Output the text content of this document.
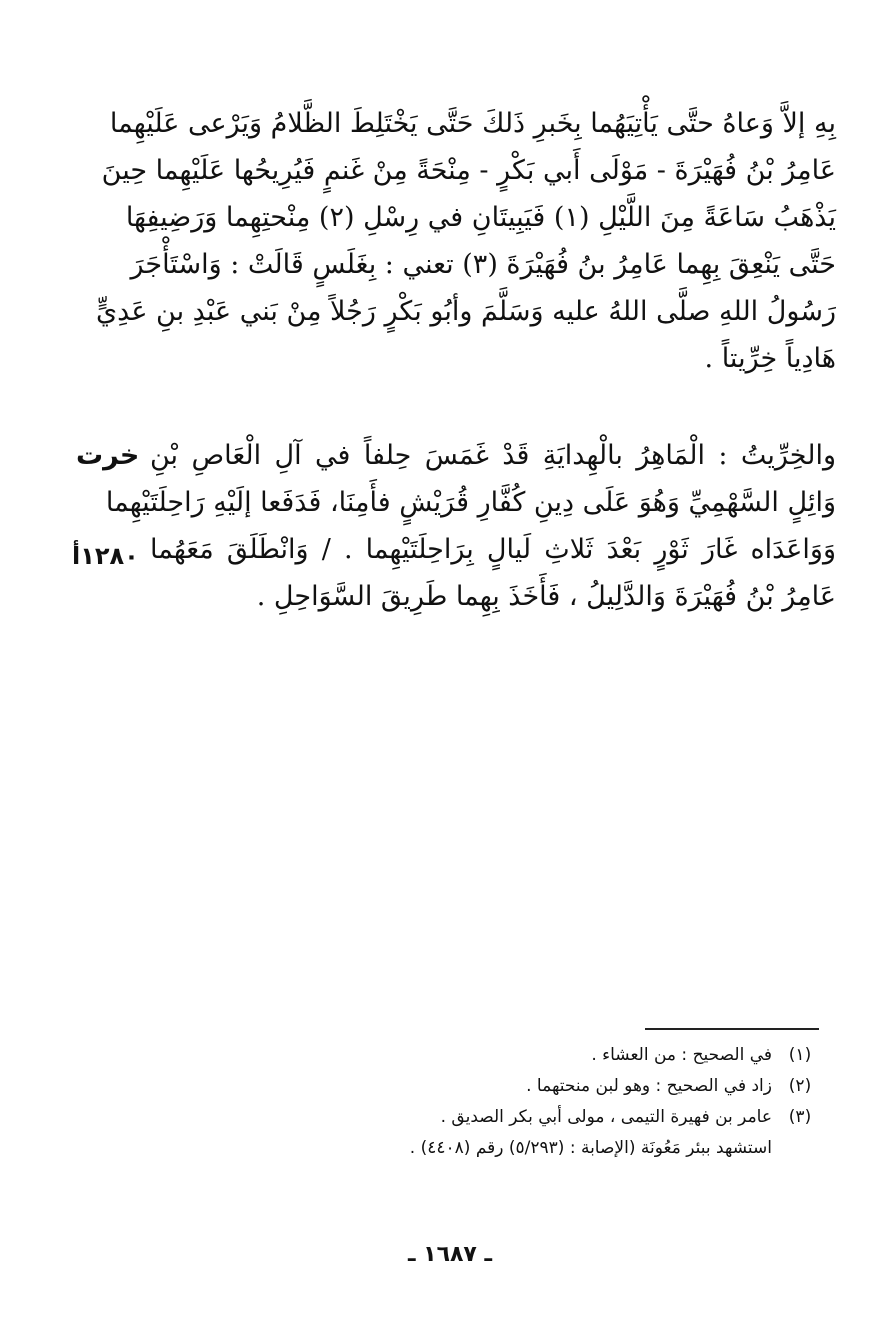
بِهِ إلاَّ وَعاهُ حتَّى يَأْتِيَهُما بِخَبرِ ذَلكَ حَتَّى يَخْتَلِطَ الظَّلامُ وَيَرْعى عَلَيْهِما
عَامِرُ بْنُ فُهَيْرَةَ - مَوْلَى أَبي بَكْرٍ - مِنْحَةً مِنْ غَنمٍ فَيُرِيحُها عَلَيْهِما حِينَ
يَذْهَبُ سَاعَةً مِنَ اللَّيْلِ (١) فَيَبِيتَانِ في رِسْلِ (٢) مِنْحتِهِما وَرَضِيفِهَا
حَتَّى يَنْعِقَ بِهِما عَامِرُ بنُ فُهَيْرَةَ (٣) تعني : بِغَلَسٍ قَالَتْ : وَاسْتَأْجَرَ
رَسُولُ اللهِ صلَّى اللهُ عليه وَسَلَّمَ وأبُو بَكْرٍ رَجُلاً مِنْ بَني عَبْدِ بنِ عَدِيٍّ
هَادِياً خِرِّيتاً .
والخِرِّيتُ : الْمَاهِرُ بالْهِدايَةِ قَدْ غَمَسَ حِلفاً في آلِ الْعَاصِ بْنِ
وَائِلٍ السَّهْمِيِّ وَهُوَ عَلَى دِينِ كُفَّارِ قُرَيْشٍ فأَمِنَا، فَدَفَعا إلَيْهِ رَاحِلَتَيْهِما
وَوَاعَدَاه غَارَ ثَوْرٍ بَعْدَ ثَلاثِ لَيالٍ بِرَاحِلَتَيْهِما . / وَانْطَلَقَ مَعَهُما
عَامِرُ بْنُ فُهَيْرَةَ وَالدَّلِيلُ ، فَأَخَذَ بِهِما طَرِيقَ السَّوَاحِلِ .
خرت
١٢٨٠أ
(١)
في الصحيح : من العشاء .
(٢)
زاد في الصحيح : وهو لبن منحتهما .
(٣)
عامر بن فهيرة التيمى ، مولى أبي بكر الصديق .
استشهد ببئر مَعُونَة (الإصابة : (٥/٢٩٣) رقم (٤٤٠٨) .
ـ ١٦٨٧ ـ
